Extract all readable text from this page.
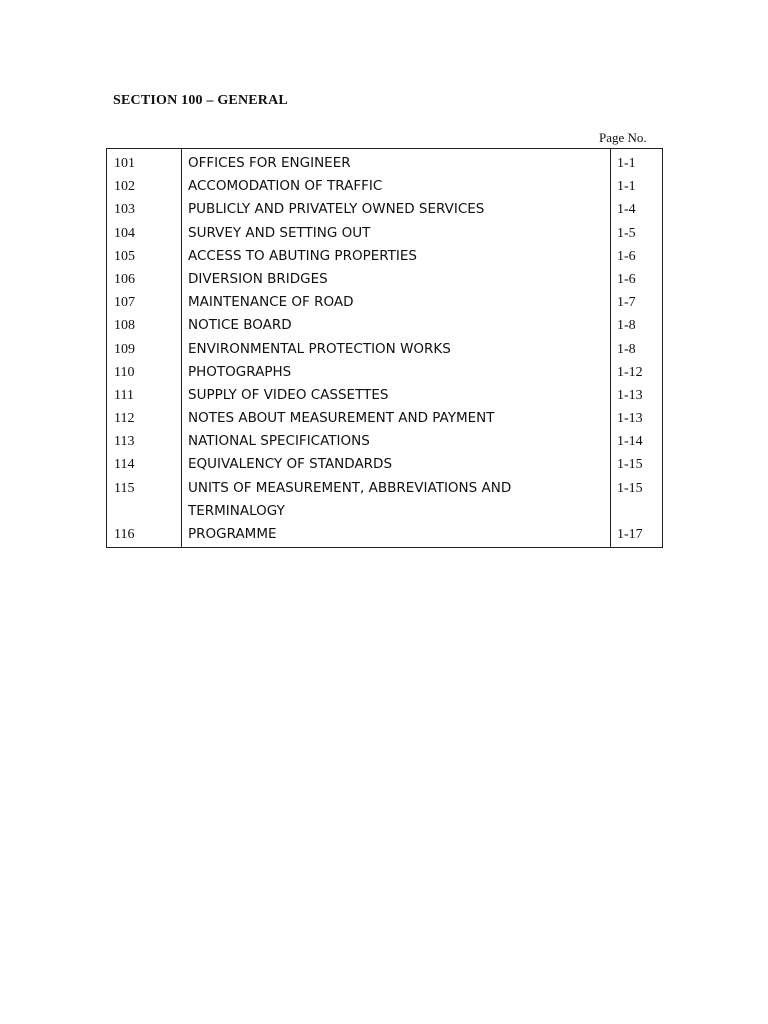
SECTION 100 – GENERAL
Page No.
101
102
103
104
105
106
107
108
109
110
111
112
113
114
115
116
OFFICES FOR ENGINEER
ACCOMODATION OF TRAFFIC
PUBLICLY AND PRIVATELY OWNED SERVICES
SURVEY AND SETTING OUT
ACCESS TO ABUTING PROPERTIES
DIVERSION BRIDGES
MAINTENANCE OF ROAD
NOTICE BOARD
ENVIRONMENTAL PROTECTION WORKS
PHOTOGRAPHS
SUPPLY OF VIDEO CASSETTES
NOTES ABOUT MEASUREMENT AND PAYMENT
NATIONAL SPECIFICATIONS
EQUIVALENCY OF STANDARDS
UNITS OF MEASUREMENT, ABBREVIATIONS AND TERMINALOGY
PROGRAMME
1-1
1-1
1-4
1-5
1-6
1-6
1-7
1-8
1-8
1-12
1-13
1-13
1-14
1-15
1-15
1-17
